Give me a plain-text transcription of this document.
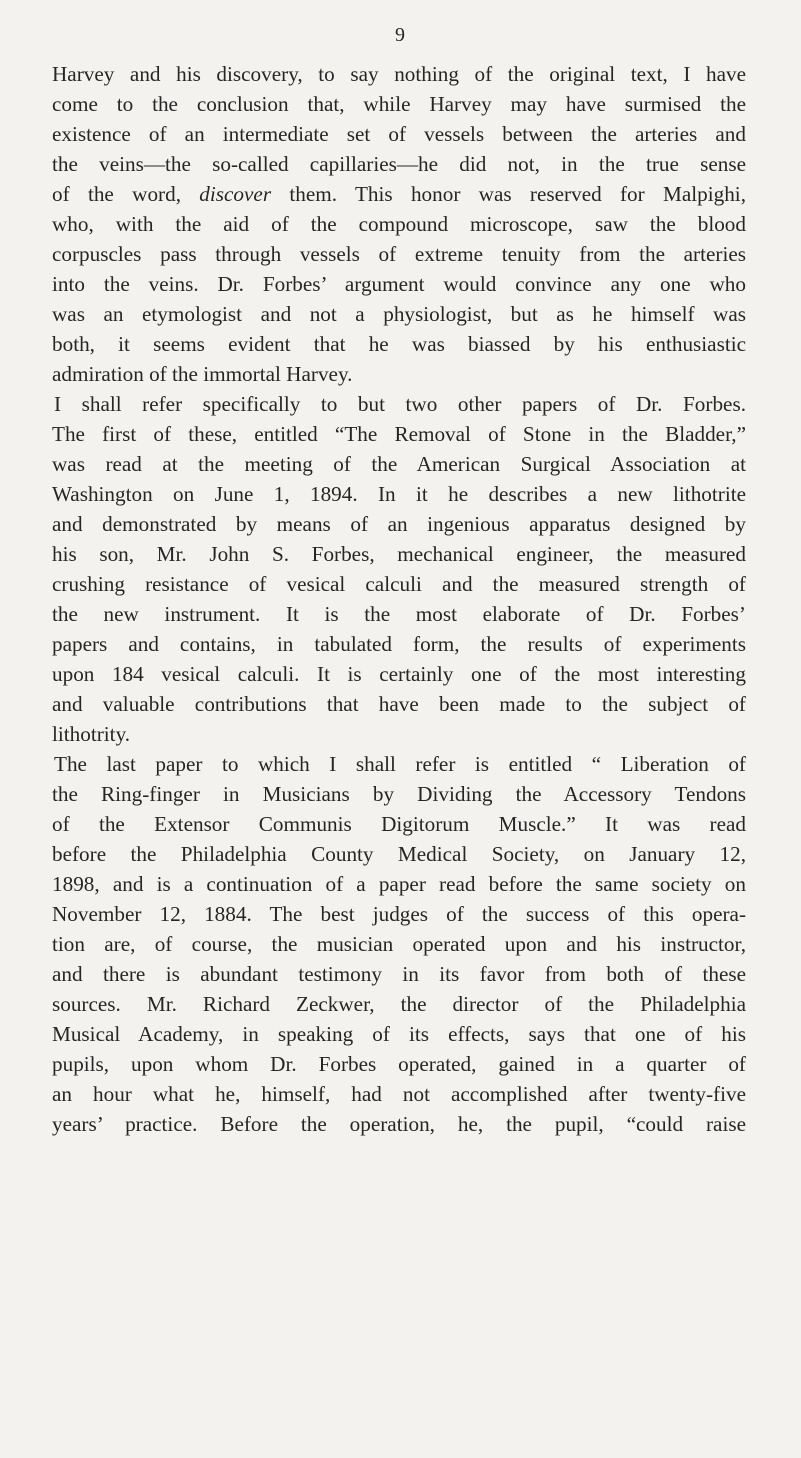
9
Harvey and his discovery, to say nothing of the original text, I have
come to the conclusion that, while Harvey may have surmised the
existence of an intermediate set of vessels between the arteries and
the veins—the so-called capillaries—he did not, in the true sense
of the word, discover them. This honor was reserved for Malpighi,
who, with the aid of the compound microscope, saw the blood
corpuscles pass through vessels of extreme tenuity from the arteries
into the veins. Dr. Forbes’ argument would convince any one who
was an etymologist and not a physiologist, but as he himself was
both, it seems evident that he was biassed by his enthusiastic
admiration of the immortal Harvey.
I shall refer specifically to but two other papers of Dr. Forbes.
The first of these, entitled “The Removal of Stone in the Bladder,”
was read at the meeting of the American Surgical Association at
Washington on June 1, 1894. In it he describes a new lithotrite
and demonstrated by means of an ingenious apparatus designed by
his son, Mr. John S. Forbes, mechanical engineer, the measured
crushing resistance of vesical calculi and the measured strength of
the new instrument. It is the most elaborate of Dr. Forbes’
papers and contains, in tabulated form, the results of experiments
upon 184 vesical calculi. It is certainly one of the most interesting
and valuable contributions that have been made to the subject of
lithotrity.
The last paper to which I shall refer is entitled “ Liberation of
the Ring-finger in Musicians by Dividing the Accessory Tendons
of the Extensor Communis Digitorum Muscle.” It was read
before the Philadelphia County Medical Society, on January 12,
1898, and is a continuation of a paper read before the same society on
November 12, 1884. The best judges of the success of this opera-
tion are, of course, the musician operated upon and his instructor,
and there is abundant testimony in its favor from both of these
sources. Mr. Richard Zeckwer, the director of the Philadelphia
Musical Academy, in speaking of its effects, says that one of his
pupils, upon whom Dr. Forbes operated, gained in a quarter of
an hour what he, himself, had not accomplished after twenty-five
years’ practice. Before the operation, he, the pupil, “could raise
